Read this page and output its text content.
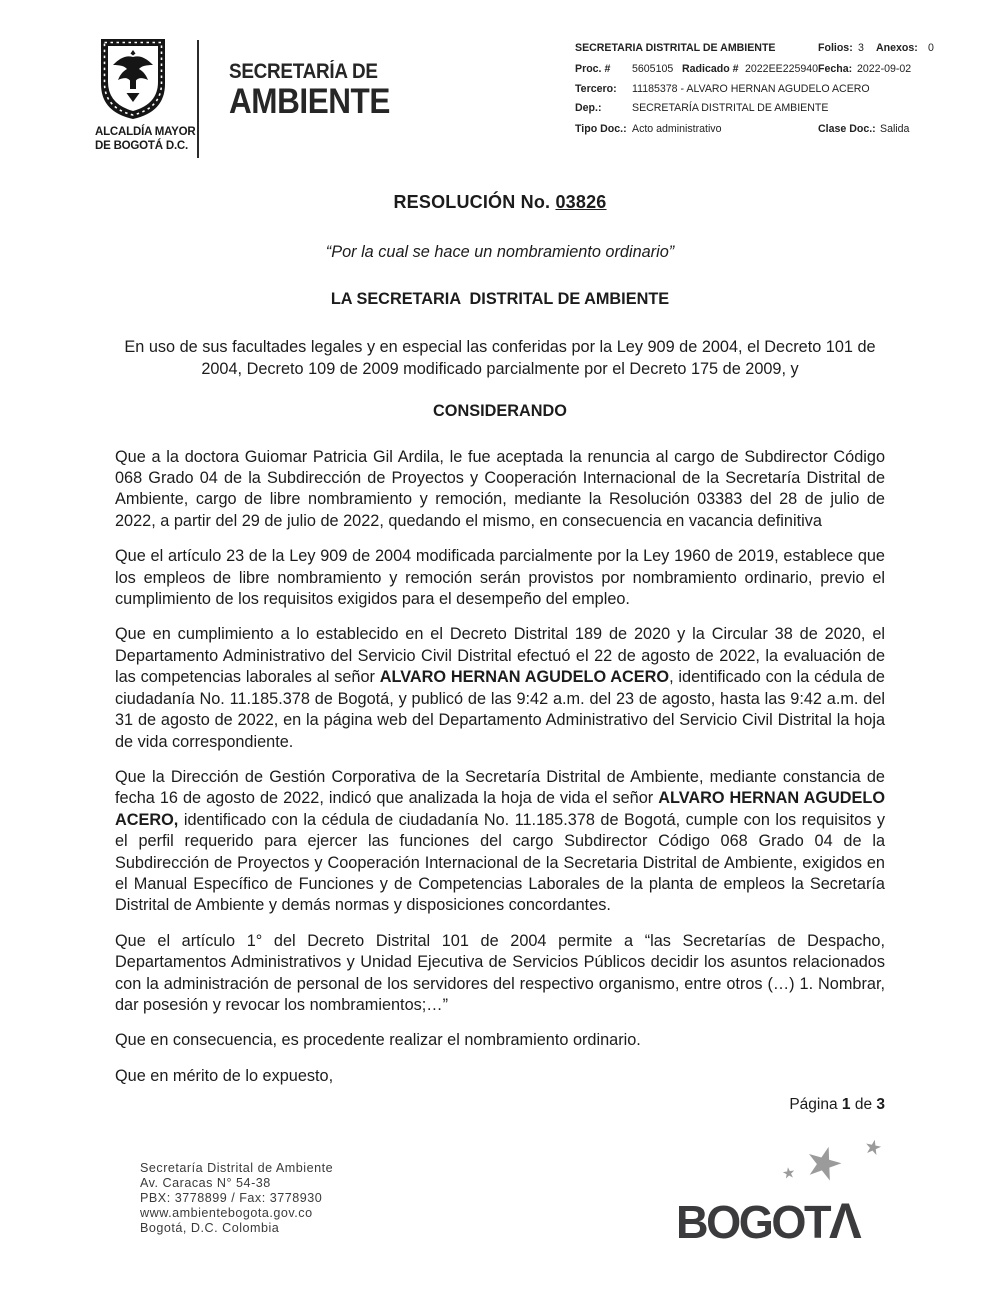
ALCALDÍA MAYOR
DE BOGOTÁ D.C.
SECRETARÍA DE
AMBIENTE
SECRETARIA DISTRITAL DE AMBIENTE	Folios: 3 Anexos: 0
Proc. # 5605105 Radicado # 2022EE225940 Fecha: 2022-09-02
Tercero: 11185378 - ALVARO HERNAN AGUDELO ACERO
Dep.:	SECRETARÍA DISTRITAL DE AMBIENTE
Tipo Doc.: Acto administrativo	Clase Doc.: Salida
RESOLUCIÓN No. 03826
“Por la cual se hace un nombramiento ordinario”
LA SECRETARIA  DISTRITAL DE AMBIENTE
En uso de sus facultades legales y en especial las conferidas por la Ley 909 de 2004, el Decreto 101 de 2004, Decreto 109 de 2009 modificado parcialmente por el Decreto 175 de 2009, y
CONSIDERANDO

Que a la doctora Guiomar Patricia Gil Ardila, le fue aceptada la renuncia al cargo de Subdirector Código 068 Grado 04 de la Subdirección de Proyectos y Cooperación Internacional de la Secretaría Distrital de Ambiente, cargo de libre nombramiento y remoción, mediante la Resolución 03383 del 28 de julio de 2022, a partir del 29 de julio de 2022, quedando el mismo, en consecuencia en vacancia definitiva

Que el artículo 23 de la Ley 909 de 2004 modificada parcialmente por la Ley 1960 de 2019, establece que los empleos de libre nombramiento y remoción serán provistos por nombramiento ordinario, previo el cumplimiento de los requisitos exigidos para el desempeño del empleo.

Que en cumplimiento a lo establecido en el Decreto Distrital 189 de 2020 y la Circular 38 de 2020, el Departamento Administrativo del Servicio Civil Distrital efectuó el 22 de agosto de 2022, la evaluación de las competencias laborales al señor ALVARO HERNAN AGUDELO ACERO, identificado con la cédula de ciudadanía No. 11.185.378 de Bogotá, y publicó de las 9:42 a.m. del 23 de agosto, hasta las 9:42 a.m. del 31 de agosto de 2022, en la página web del Departamento Administrativo del Servicio Civil Distrital la hoja de vida correspondiente.

Que la Dirección de Gestión Corporativa de la Secretaría Distrital de Ambiente, mediante constancia de fecha 16 de agosto de 2022, indicó que analizada la hoja de vida el señor ALVARO HERNAN AGUDELO ACERO, identificado con la cédula de ciudadanía No. 11.185.378 de Bogotá, cumple con los requisitos y el perfil requerido para ejercer las funciones del cargo Subdirector Código 068 Grado 04 de la Subdirección de Proyectos y Cooperación Internacional de la Secretaria Distrital de Ambiente, exigidos en el Manual Específico de Funciones y de Competencias Laborales de la planta de empleos la Secretaría Distrital de Ambiente y demás normas y disposiciones concordantes.

Que el artículo 1° del Decreto Distrital 101 de 2004 permite a “las Secretarías de Despacho, Departamentos Administrativos y Unidad Ejecutiva de Servicios Públicos decidir los asuntos relacionados con la administración de personal de los servidores del respectivo organismo, entre otros (…) 1. Nombrar, dar posesión y revocar los nombramientos;…”

Que en consecuencia, es procedente realizar el nombramiento ordinario.

Que en mérito de lo expuesto,

Página 1 de 3
Secretaría Distrital de Ambiente
Av. Caracas N° 54-38
PBX: 3778899 / Fax: 3778930
www.ambientebogota.gov.co
Bogotá, D.C. Colombia
★ ★
★
BOGOTΛ
